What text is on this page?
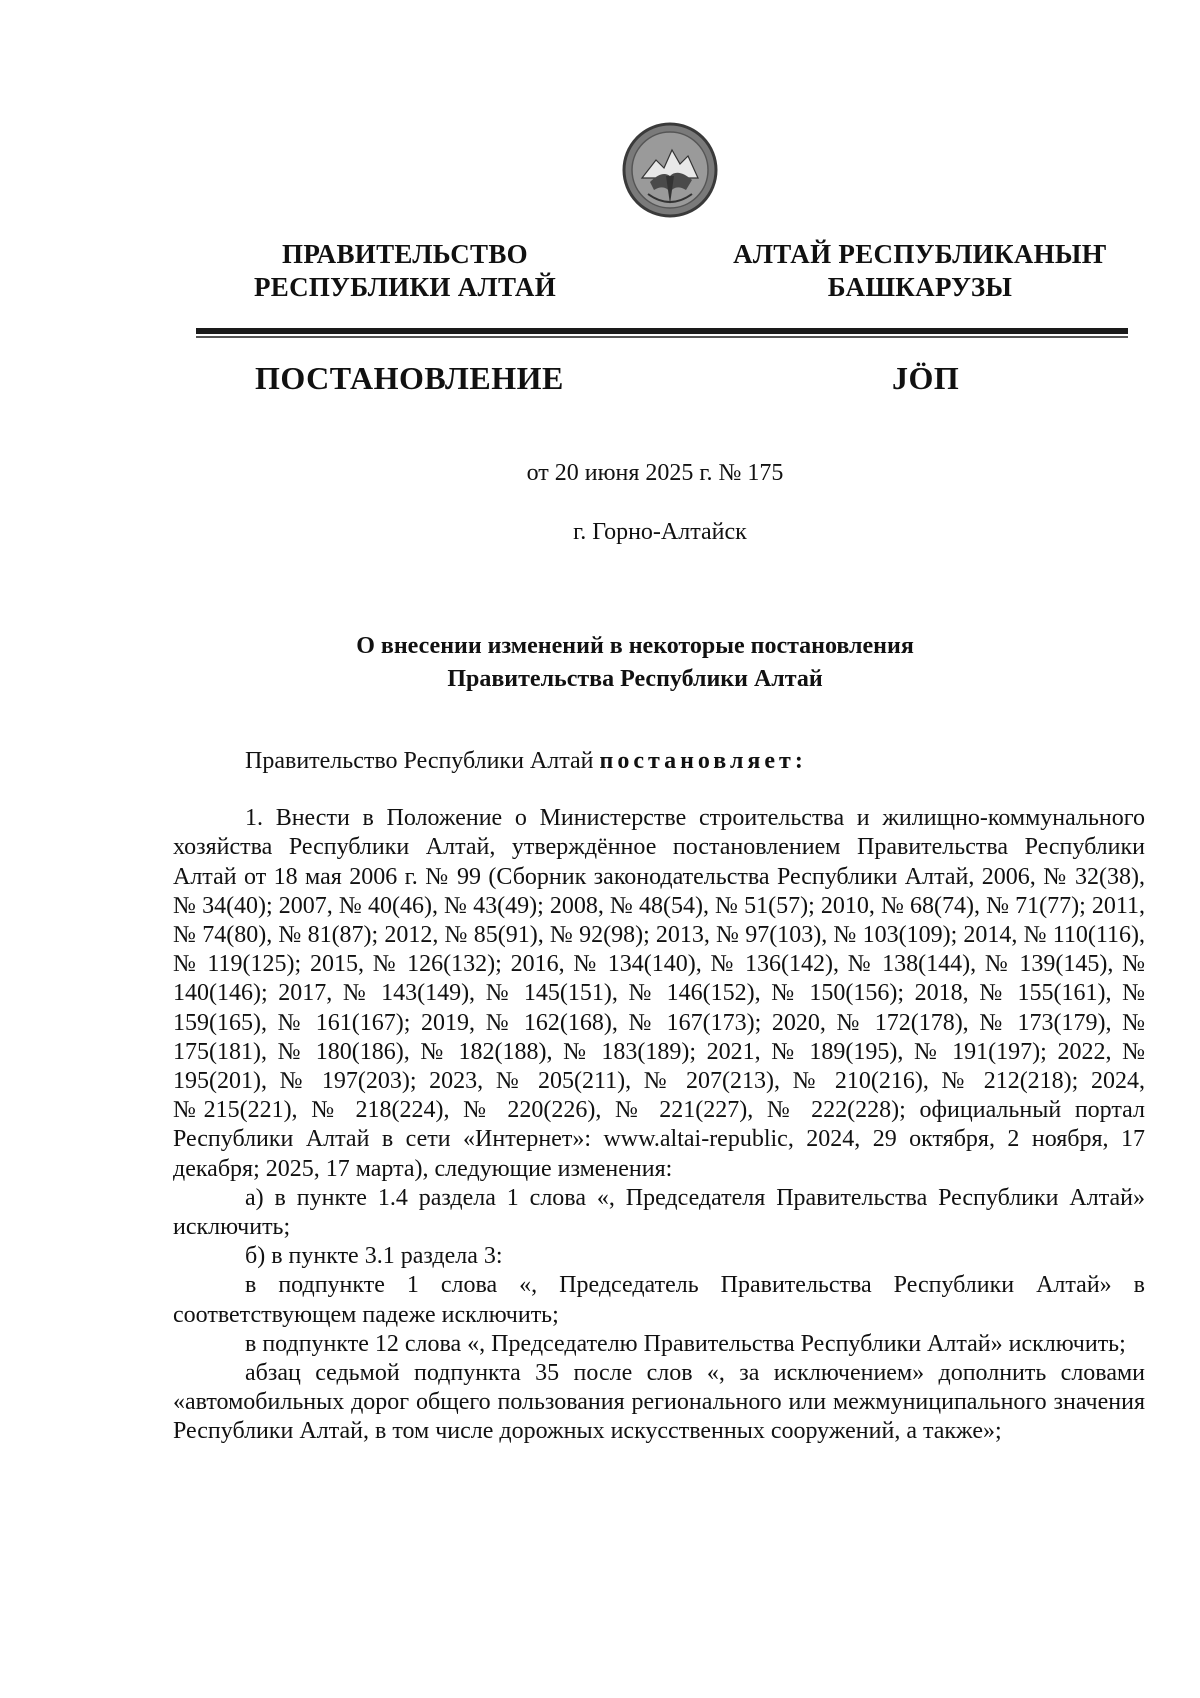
ПРАВИТЕЛЬСТВО
РЕСПУБЛИКИ АЛТАЙ
АЛТАЙ РЕСПУБЛИКАНЫҤ
БАШКАРУЗЫ
ПОСТАНОВЛЕНИЕ	JÖП
от 20 июня 2025 г. № 175
г. Горно-Алтайск
О внесении изменений в некоторые постановления
Правительства Республики Алтай

Правительство Республики Алтай постановляет:

1. Внести в Положение о Министерстве строительства и жилищно-коммунального хозяйства Республики Алтай, утверждённое постановлением Правительства Республики Алтай от 18 мая 2006 г. № 99 (Сборник законодательства Республики Алтай, 2006, № 32(38), № 34(40); 2007, № 40(46), № 43(49); 2008, № 48(54), № 51(57); 2010, № 68(74), № 71(77); 2011, № 74(80), № 81(87); 2012, № 85(91), № 92(98); 2013, № 97(103), № 103(109); 2014, № 110(116), № 119(125); 2015, № 126(132); 2016, № 134(140), № 136(142), № 138(144), № 139(145), № 140(146); 2017, № 143(149), № 145(151), № 146(152), № 150(156); 2018, № 155(161), № 159(165), № 161(167); 2019, № 162(168), № 167(173); 2020, № 172(178), № 173(179), № 175(181), № 180(186), № 182(188), № 183(189); 2021, № 189(195), № 191(197); 2022, № 195(201), № 197(203); 2023, № 205(211), № 207(213), № 210(216), № 212(218); 2024, №215(221), № 218(224), № 220(226), № 221(227), № 222(228); официальный портал Республики Алтай в сети «Интернет»: www.altai-republic, 2024, 29 октября, 2 ноября, 17 декабря; 2025, 17 марта), следующие изменения:

а) в пункте 1.4 раздела 1 слова «, Председателя Правительства Республики Алтай» исключить;

б) в пункте 3.1 раздела 3:

в подпункте 1 слова «, Председатель Правительства Республики Алтай» в соответствующем падеже исключить;

в подпункте 12 слова «, Председателю Правительства Республики Алтай» исключить;

абзац седьмой подпункта 35 после слов «, за исключением» дополнить словами «автомобильных дорог общего пользования регионального или межмуниципального значения Республики Алтай, в том числе дорожных искусственных сооружений, а также»;
